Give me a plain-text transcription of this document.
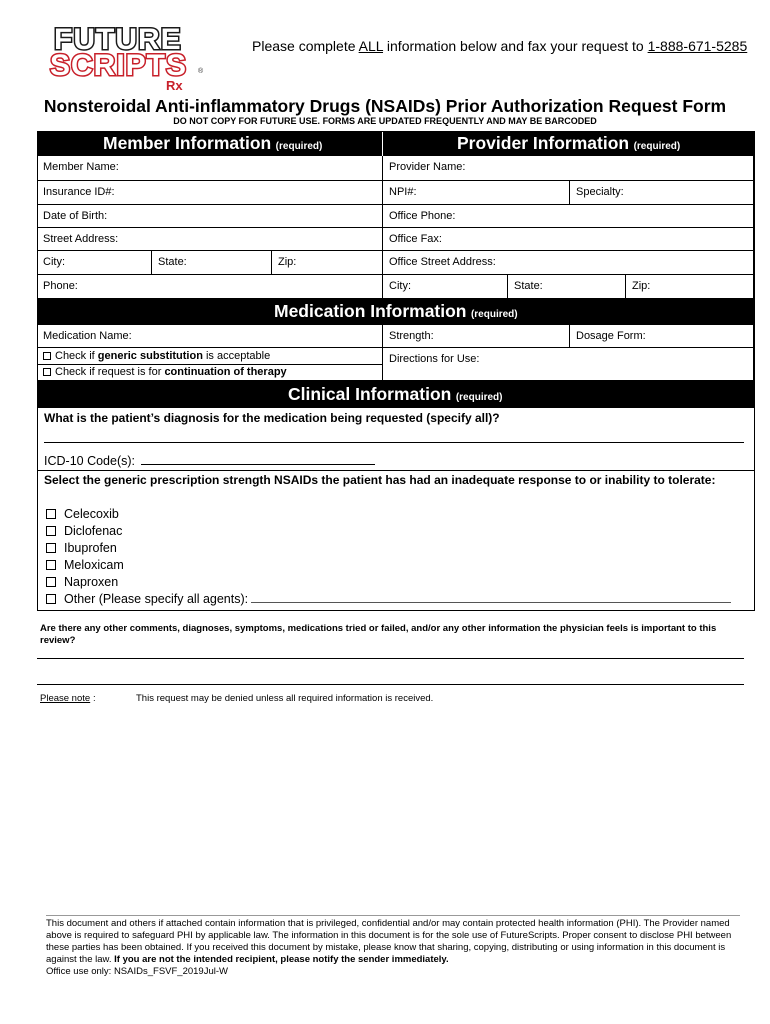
FUTURE
SCRIPTS
Rx
®
Please complete ALL information below and fax your request to 1-888-671-5285
Nonsteroidal Anti-inflammatory Drugs (NSAIDs) Prior Authorization Request Form
DO NOT COPY FOR FUTURE USE. FORMS ARE UPDATED FREQUENTLY AND MAY BE BARCODED
Member Information (required)	Provider Information (required)
Member Name:
Insurance ID#:
Date of Birth:
Street Address:
City:	State:	Zip:
Phone:
Provider Name:
NPI#:	Specialty:
Office Phone:
Office Fax:
Office Street Address:
City:	State:	Zip:
Medication Information (required)
Medication Name:	Strength:	Dosage Form:
Check if generic substitution is acceptable
Check if request is for continuation of therapy
Directions for Use:
Clinical Information (required)
What is the patient’s diagnosis for the medication being requested (specify all)?
ICD-10 Code(s):
Select the generic prescription strength NSAIDs the patient has had an inadequate response to or inability to tolerate:
Celecoxib
Diclofenac
Ibuprofen
Meloxicam
Naproxen
Other (Please specify all agents):
Are there any other comments, diagnoses, symptoms, medications tried or failed, and/or any other information the physician feels is important to this review?
Please note :	This request may be denied unless all required information is received.
This document and others if attached contain information that is privileged, confidential and/or may contain protected health information (PHI). The Provider named above is required to safeguard PHI by applicable law. The information in this document is for the sole use of FutureScripts. Proper consent to disclose PHI between these parties has been obtained. If you received this document by mistake, please know that sharing, copying, distributing or using information in this document is against the law. If you are not the intended recipient, please notify the sender immediately.
Office use only: NSAIDs_FSVF_2019Jul-W
